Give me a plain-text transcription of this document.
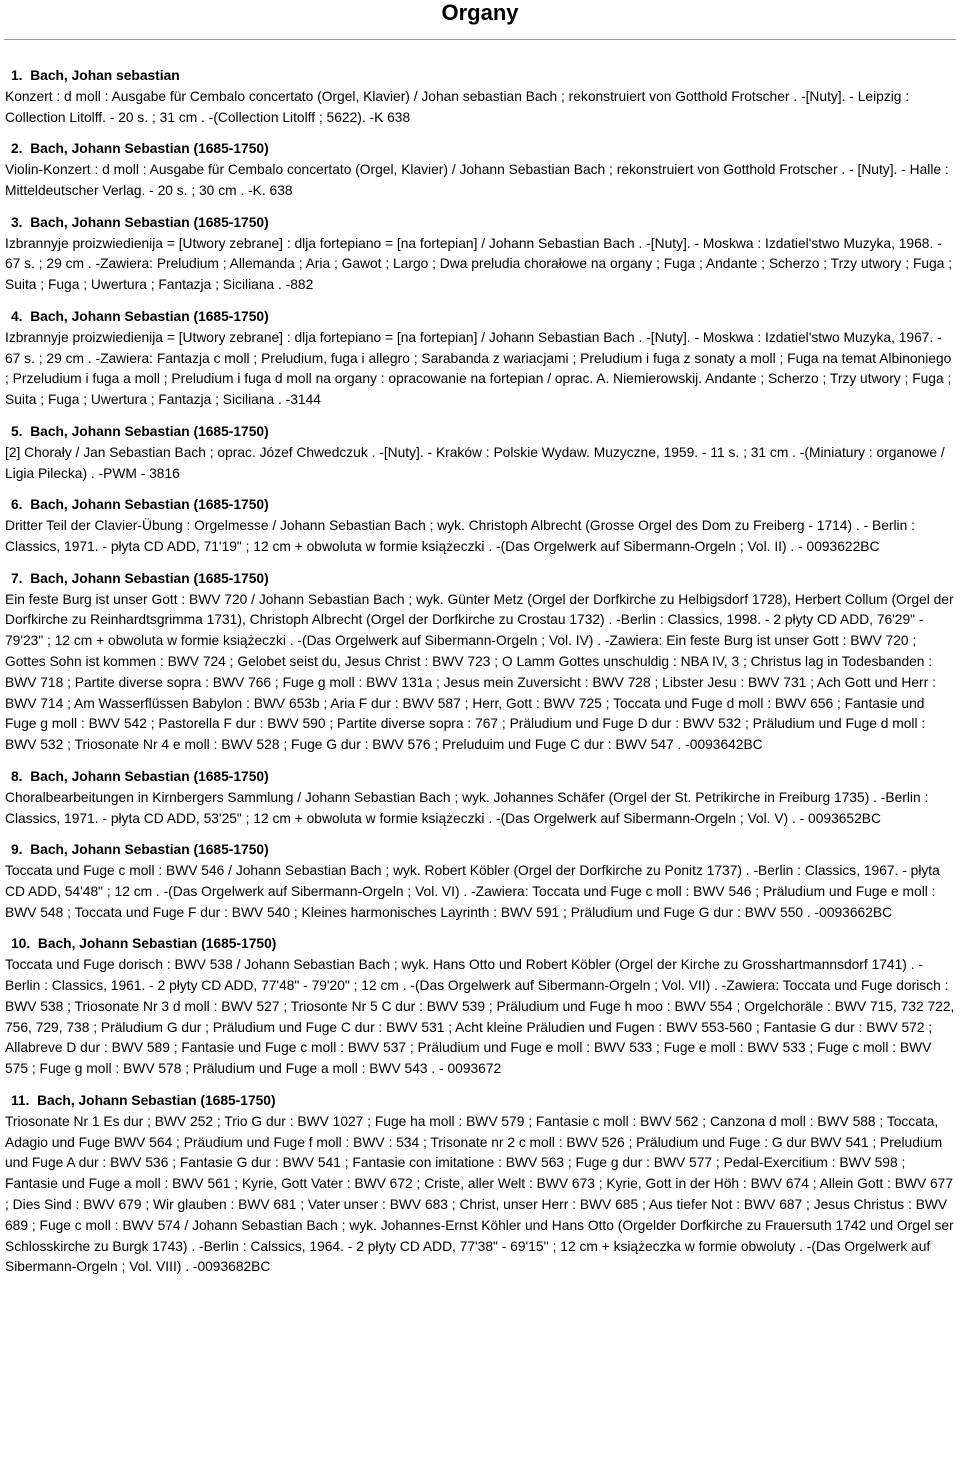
Organy
1. Bach, Johan sebastian
Konzert : d moll : Ausgabe für Cembalo concertato (Orgel, Klavier) / Johan sebastian Bach ; rekonstruiert von Gotthold Frotscher . -[Nuty]. - Leipzig : Collection Litolff. - 20 s. ; 31 cm . -(Collection Litolff ; 5622). -K 638
2. Bach, Johann Sebastian (1685-1750)
Violin-Konzert : d moll : Ausgabe für Cembalo concertato (Orgel, Klavier) / Johann Sebastian Bach ; rekonstruiert von Gotthold Frotscher . - [Nuty]. - Halle : Mitteldeutscher Verlag. - 20 s. ; 30 cm . -K. 638
3. Bach, Johann Sebastian (1685-1750)
Izbrannyje proizwiedienija = [Utwory zebrane] : dlja fortepiano = [na fortepian] / Johann Sebastian Bach . -[Nuty]. - Moskwa : Izdatiel'stwo Muzyka, 1968. - 67 s. ; 29 cm . -Zawiera: Preludium ; Allemanda ; Aria ; Gawot ; Largo ; Dwa preludia chorałowe na organy ; Fuga ; Andante ; Scherzo ; Trzy utwory ; Fuga ; Suita ; Fuga ; Uwertura ; Fantazja ; Siciliana . -882
4. Bach, Johann Sebastian (1685-1750)
Izbrannyje proizwiedienija = [Utwory zebrane] : dlja fortepiano = [na fortepian] / Johann Sebastian Bach . -[Nuty]. - Moskwa : Izdatiel'stwo Muzyka, 1967. - 67 s. ; 29 cm . -Zawiera: Fantazja c moll ; Preludium, fuga i allegro ; Sarabanda z wariacjami ; Preludium i fuga z sonaty a moll ; Fuga na temat Albinoniego ; Przeludium i fuga a moll ; Preludium i fuga d moll na organy : opracowanie na fortepian / oprac. A. Niemierowskij. Andante ; Scherzo ; Trzy utwory ; Fuga ; Suita ; Fuga ; Uwertura ; Fantazja ; Siciliana . -3144
5. Bach, Johann Sebastian (1685-1750)
[2] Chorały / Jan Sebastian Bach ; oprac. Józef Chwedczuk . -[Nuty]. - Kraków : Polskie Wydaw. Muzyczne, 1959. - 11 s. ; 31 cm . -(Miniatury : organowe / Ligia Pilecka) . -PWM - 3816
6. Bach, Johann Sebastian (1685-1750)
Dritter Teil der Clavier-Übung : Orgelmesse / Johann Sebastian Bach ; wyk. Christoph Albrecht (Grosse Orgel des Dom zu Freiberg - 1714) . - Berlin : Classics, 1971. - płyta CD ADD, 71'19" ; 12 cm + obwoluta w formie książeczki . -(Das Orgelwerk auf Sibermann-Orgeln ; Vol. II) . - 0093622BC
7. Bach, Johann Sebastian (1685-1750)
Ein feste Burg ist unser Gott : BWV 720 / Johann Sebastian Bach ; wyk. Günter Metz (Orgel der Dorfkirche zu Helbigsdorf 1728), Herbert Collum (Orgel der Dorfkirche zu Reinhardtsgrimma 1731), Christoph Albrecht (Orgel der Dorfkirche zu Crostau 1732) . -Berlin : Classics, 1998. - 2 płyty CD ADD, 76'29" - 79'23" ; 12 cm + obwoluta w formie książeczki . -(Das Orgelwerk auf Sibermann-Orgeln ; Vol. IV) . -Zawiera: Ein feste Burg ist unser Gott : BWV 720 ; Gottes Sohn ist kommen : BWV 724 ; Gelobet seist du, Jesus Christ : BWV 723 ; O Lamm Gottes unschuldig : NBA IV, 3 ; Christus lag in Todesbanden : BWV 718 ; Partite diverse sopra : BWV 766 ; Fuge g moll : BWV 131a ; Jesus mein Zuversicht : BWV 728 ; Libster Jesu : BWV 731 ; Ach Gott und Herr : BWV 714 ; Am Wasserflüssen Babylon : BWV 653b ; Aria F dur : BWV 587 ; Herr, Gott : BWV 725 ; Toccata und Fuge d moll : BWV 656 ; Fantasie und Fuge g moll : BWV 542 ; Pastorella F dur : BWV 590 ; Partite diverse sopra : 767 ; Präludium und Fuge D dur : BWV 532 ; Präludium und Fuge d moll : BWV 532 ; Triosonate Nr 4 e moll : BWV 528 ; Fuge G dur : BWV 576 ; Preluduim und Fuge C dur : BWV 547 . -0093642BC
8. Bach, Johann Sebastian (1685-1750)
Choralbearbeitungen in Kirnbergers Sammlung / Johann Sebastian Bach ; wyk. Johannes Schäfer (Orgel der St. Petrikirche in Freiburg 1735) . -Berlin : Classics, 1971. - płyta CD ADD, 53'25" ; 12 cm + obwoluta w formie książeczki . -(Das Orgelwerk auf Sibermann-Orgeln ; Vol. V) . - 0093652BC
9. Bach, Johann Sebastian (1685-1750)
Toccata und Fuge c moll : BWV 546 / Johann Sebastian Bach ; wyk. Robert Köbler (Orgel der Dorfkirche zu Ponitz 1737) . -Berlin : Classics, 1967. - płyta CD ADD, 54'48" ; 12 cm . -(Das Orgelwerk auf Sibermann-Orgeln ; Vol. VI) . -Zawiera: Toccata und Fuge c moll : BWV 546 ; Präludium und Fuge e moll : BWV 548 ; Toccata und Fuge F dur : BWV 540 ; Kleines harmonisches Layrinth : BWV 591 ; Präludium und Fuge G dur : BWV 550 . -0093662BC
10. Bach, Johann Sebastian (1685-1750)
Toccata und Fuge dorisch : BWV 538 / Johann Sebastian Bach ; wyk. Hans Otto und Robert Köbler (Orgel der Kirche zu Grosshartmannsdorf 1741) . -Berlin : Classics, 1961. - 2 płyty CD ADD, 77'48" - 79'20" ; 12 cm . -(Das Orgelwerk auf Sibermann-Orgeln ; Vol. VII) . -Zawiera: Toccata und Fuge dorisch : BWV 538 ; Triosonate Nr 3 d moll : BWV 527 ; Triosonte Nr 5 C dur : BWV 539 ; Präludium und Fuge h moo : BWV 554 ; Orgelchoräle : BWV 715, 732 722, 756, 729, 738 ; Präludium G dur ; Präludium und Fuge C dur : BWV 531 ; Acht kleine Präludien und Fugen : BWV 553-560 ; Fantasie G dur : BWV 572 ; Allabreve D dur : BWV 589 ; Fantasie und Fuge c moll : BWV 537 ; Präludium und Fuge e moll : BWV 533 ; Fuge e moll : BWV 533 ; Fuge c moll : BWV 575 ; Fuge g moll : BWV 578 ; Präludium und Fuge a moll : BWV 543 . - 0093672
11. Bach, Johann Sebastian (1685-1750)
Triosonate Nr 1 Es dur ; BWV 252 ; Trio G dur : BWV 1027 ; Fuge ha moll : BWV 579 ; Fantasie c moll : BWV 562 ; Canzona d moll : BWV 588 ; Toccata, Adagio und Fuge BWV 564 ; Präudium und Fuge f moll : BWV : 534 ; Trisonate nr 2 c moll : BWV 526 ; Präludium und Fuge : G dur BWV 541 ; Preludium und Fuge A dur : BWV 536 ; Fantasie G dur : BWV 541 ; Fantasie con imitatione : BWV 563 ; Fuge g dur : BWV 577 ; Pedal-Exercitium : BWV 598 ; Fantasie und Fuge a moll : BWV 561 ; Kyrie, Gott Vater : BWV 672 ; Criste, aller Welt : BWV 673 ; Kyrie, Gott in der Höh : BWV 674 ; Allein Gott : BWV 677 ; Dies Sind : BWV 679 ; Wir glauben : BWV 681 ; Vater unser : BWV 683 ; Christ, unser Herr : BWV 685 ; Aus tiefer Not : BWV 687 ; Jesus Christus : BWV 689 ; Fuge c moll : BWV 574 / Johann Sebastian Bach ; wyk. Johannes-Ernst Köhler und Hans Otto (Orgelder Dorfkirche zu Frauersuth 1742 und Orgel ser Schlosskirche zu Burgk 1743) . -Berlin : Calssics, 1964. - 2 płyty CD ADD, 77'38" - 69'15'' ; 12 cm + książeczka w formie obwoluty . -(Das Orgelwerk auf Sibermann-Orgeln ; Vol. VIII) . -0093682BC
